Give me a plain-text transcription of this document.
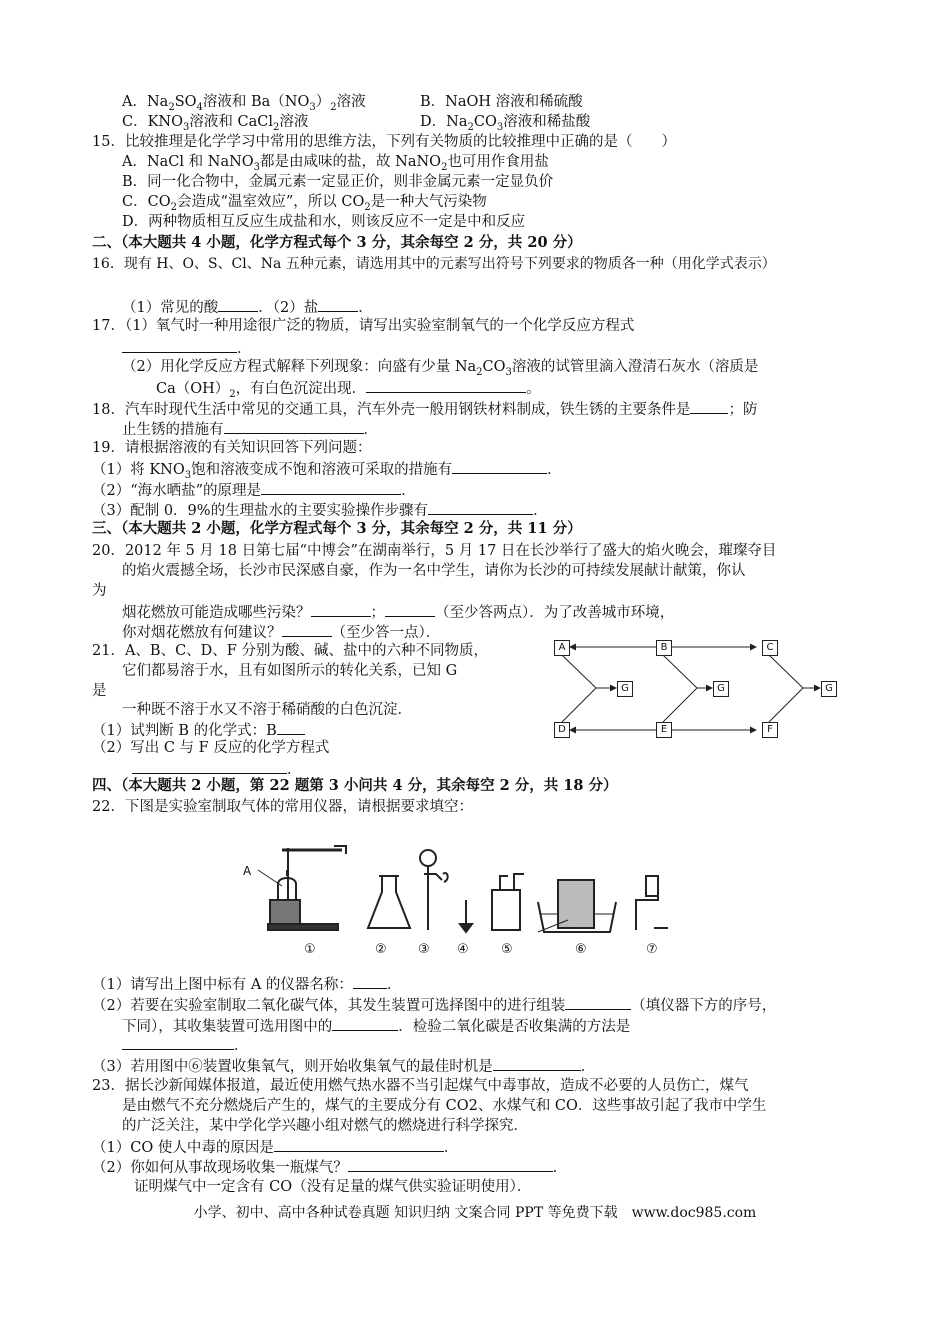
A．$Na_2SO_4$溶液和 $Ba(NO_3)_2$溶液	B．NaOH 溶液和稀硫酸
C．$KNO_3$溶液和 CaCl$_2$溶液	D．$Na_2CO_3$溶液和稀盐酸
15．比较推理是化学学习中常用的思维方法，下列有关物质的比较推理中正确的是（　　）
A．NaCl 和 NaNO$_3$都是由咸味的盐，故 NaNO$_2$也可用作食用盐
B．同一化合物中，金属元素一定显正价，则非金属元素一定显负价
C．$CO_2$会造成“温室效应”，所以 $CO_2$是一种大气污染物
D．两种物质相互反应生成盐和水，则该反应不一定是中和反应
二、（本大题共 4 小题，化学方程式每个 3 分，其余每空 2 分，共 20 分）
16．现有 H、O、S、Cl、Na 五种元素，请选用其中的元素写出符号下列要求的物质各一种（用化学式表示）
（1）常见的酸	．（2）盐	．
17．（1）氧气时一种用途很广泛的物质，请写出实验室制氧气的一个化学反应方程式
．
（2）用化学反应方程式解释下列现象：向盛有少量 $Na_2CO_3$溶液的试管里滴入澄清石灰水（溶质是
$Ca(OH)_2$，有白色沉淀出现．	。
18．汽车时现代生活中常见的交通工具，汽车外壳一般用钢铁材料制成，铁生锈的主要条件是	；防
止生锈的措施有	．
19．请根据溶液的有关知识回答下列问题：
（1）将 $KNO_3$饱和溶液变成不饱和溶液可采取的措施有	．
（2）“海水晒盐”的原理是	．
（3）配制 0．9%的生理盐水的主要实验操作步骤有	．
三、（本大题共 2 小题，化学方程式每个 3 分，其余每空 2 分，共 11 分）
20．2012 年 5 月 18 日第七届“中博会”在湖南举行，5 月 17 日在长沙举行了盛大的焰火晚会，璀璨夺目
的焰火震撼全场，长沙市民深感自豪，作为一名中学生，请你为长沙的可持续发展献计献策，你认
为
烟花燃放可能造成哪些污染？	；	（至少答两点）．为了改善城市环境，
你对烟花燃放有何建议？	（至少答一点）．
21．A、B、C、D、F 分别为酸、碱、盐中的六种不同物质，
它们都易溶于水，且有如图所示的转化关系，已知 G
是
一种既不溶于水又不溶于稀硝酸的白色沉淀．
（1）试判断 B 的化学式：B
（2）写出 C 与 F 反应的化学方程式
．
A	B	C
G	G	G
D	E	F
四、（本大题共 2 小题，第 22 题第 3 小问共 4 分，其余每空 2 分，共 18 分）
22．下图是实验室制取气体的常用仪器，请根据要求填空：
A
①	② ③ ④ ⑤	⑥	⑦
（1）请写出上图中标有 A 的仪器名称： ．
（2）若要在实验室制取二氧化碳气体，其发生装置可选择图中的进行组装	（填仪器下方的序号，
下同），其收集装置可选用图中的	．检验二氧化碳是否收集满的方法是
．
（3）若用图中⑥装置收集氧气，则开始收集氧气的最佳时机是	．
23．据长沙新闻媒体报道，最近使用燃气热水器不当引起煤气中毒事故，造成不必要的人员伤亡，煤气
是由燃气不充分燃烧后产生的，煤气的主要成分有 CO2、水煤气和 CO．这些事故引起了我市中学生
的广泛关注，某中学化学兴趣小组对燃气的燃烧进行科学探究．
（1）CO 使人中毒的原因是	．
（2）你如何从事故现场收集一瓶煤气？	．
证明煤气中一定含有 CO（没有足量的煤气供实验证明使用）．
小学、初中、高中各种试卷真题 知识归纳 文案合同 PPT 等免费下载　www.doc985.com
